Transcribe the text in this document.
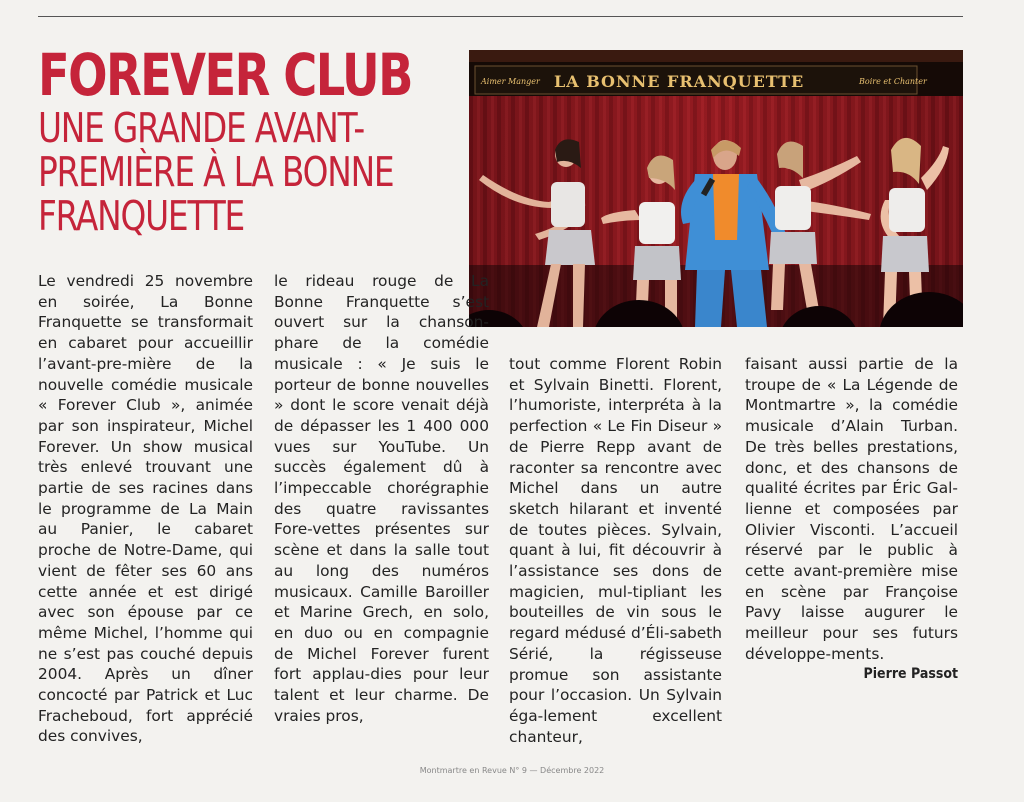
FOREVER CLUB
UNE GRANDE AVANT-PREMIÈRE À LA BONNE FRANQUETTE
Aimer Manger LA BONNE FRANQUETTE	Boire et Chanter

Le vendredi 25 novembre en soirée, La Bonne Franquette se transformait en cabaret pour accueillir l’avant-pre-mière de la nouvelle comédie musicale « Forever Club », animée par son inspirateur, Michel Forever. Un show musical très enlevé trouvant une partie de ses racines dans le programme de La Main au Panier, le cabaret proche de Notre-Dame, qui vient de fêter ses 60 ans cette année et est dirigé avec son épouse par ce même Michel, l’homme qui ne s’est pas couché depuis 2004. Après un dîner concocté par Patrick et Luc Fracheboud, fort apprécié des convives,

le rideau rouge de La Bonne Franquette s’est ouvert sur la chanson-phare de la comédie musicale : « Je suis le porteur de bonne nouvelles » dont le score venait déjà de dépasser les 1 400 000 vues sur YouTube. Un succès également dû à l’impeccable chorégraphie des quatre ravissantes Fore-vettes présentes sur scène et dans la salle tout au long des numéros musicaux. Camille Baroiller et Marine Grech, en solo, en duo ou en compagnie de Michel Forever furent fort applau-dies pour leur talent et leur charme. De vraies pros,

tout comme Florent Robin et Sylvain Binetti. Florent, l’humoriste, interpréta à la perfection « Le Fin Diseur » de Pierre Repp avant de raconter sa rencontre avec Michel dans un autre sketch hilarant et inventé de toutes pièces. Sylvain, quant à lui, fit découvrir à l’assistance ses dons de magicien, mul-tipliant les bouteilles de vin sous le regard médusé d’Éli-sabeth Sérié, la régisseuse promue son assistante pour l’occasion. Un Sylvain éga-lement excellent chanteur,

faisant aussi partie de la troupe de « La Légende de Montmartre », la comédie musicale d’Alain Turban. De très belles prestations, donc, et des chansons de qualité écrites par Éric Gal-lienne et composées par Olivier Visconti. L’accueil réservé par le public à cette avant-première mise en scène par Françoise Pavy laisse augurer le meilleur pour ses futurs développe-ments.

Pierre Passot
Montmartre en Revue N° 9 — Décembre 2022
